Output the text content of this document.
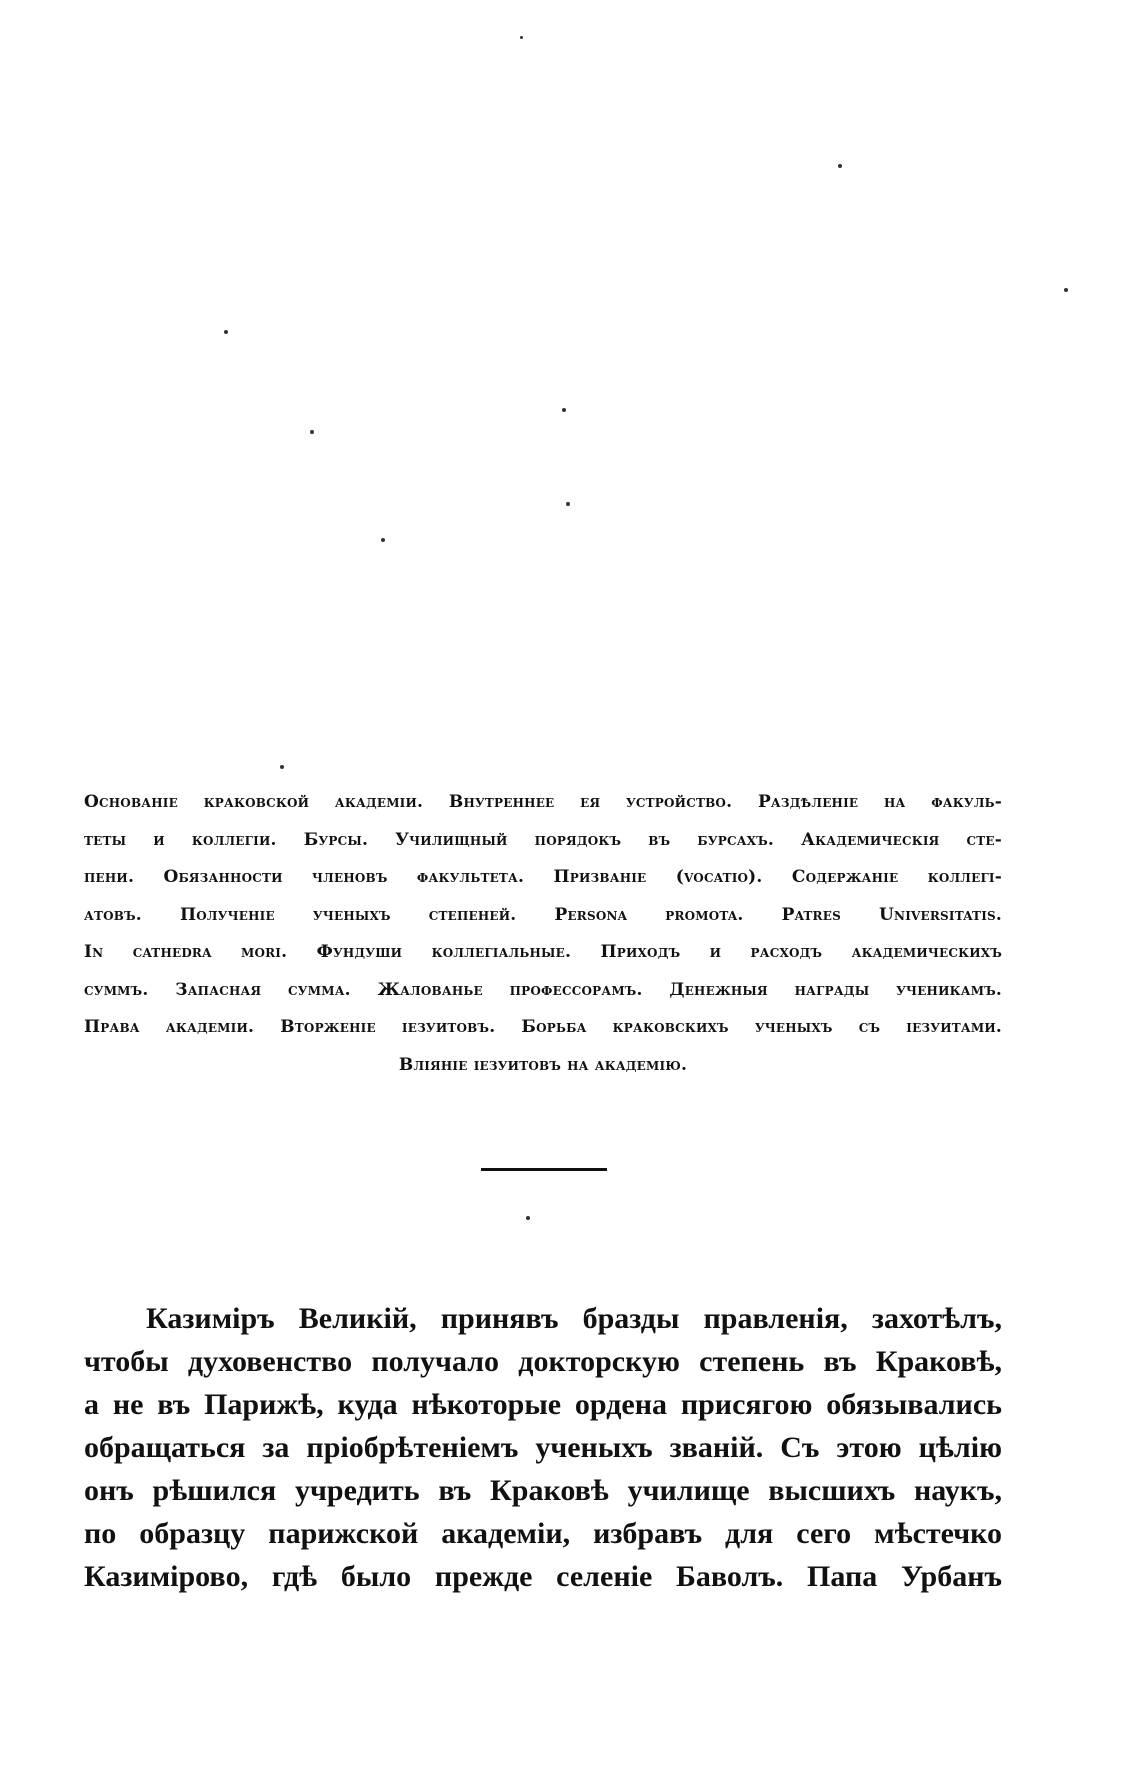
Основаніе краковской академіи. Внутреннее ея устройство. Раздѣленіе на факуль-
теты и коллегіи. Бурсы. Училищный порядокъ въ бурсахъ. Академическія сте-
пени. Обязанности членовъ факультета. Призваніе (vocatio). Содержаніе коллегі-
атовъ. Полученіе ученыхъ степеней. Persona promota. Patres Universitatis.
In cathedra mori. Фундуши коллегіальные. Приходъ и расходъ академическихъ
суммъ. Запасная сумма. Жалованье профессорамъ. Денежныя награды ученикамъ.
Права академіи. Вторженіе іезуитовъ. Борьба краковскихъ ученыхъ съ іезуитами.
Вліяніе іезуитовъ на академію.
Казиміръ Великій, принявъ бразды правленія, захотѣлъ,
чтобы духовенство получало докторскую степень въ Краковѣ,
а не въ Парижѣ, куда нѣкоторые ордена присягою обязывались
обращаться за пріобрѣтеніемъ ученыхъ званій. Съ этою цѣлію
онъ рѣшился учредить въ Краковѣ училище высшихъ наукъ,
по образцу парижской академіи, избравъ для сего мѣстечко
Казиміровo, гдѣ было прежде селеніе Баволъ. Папа Урбанъ
